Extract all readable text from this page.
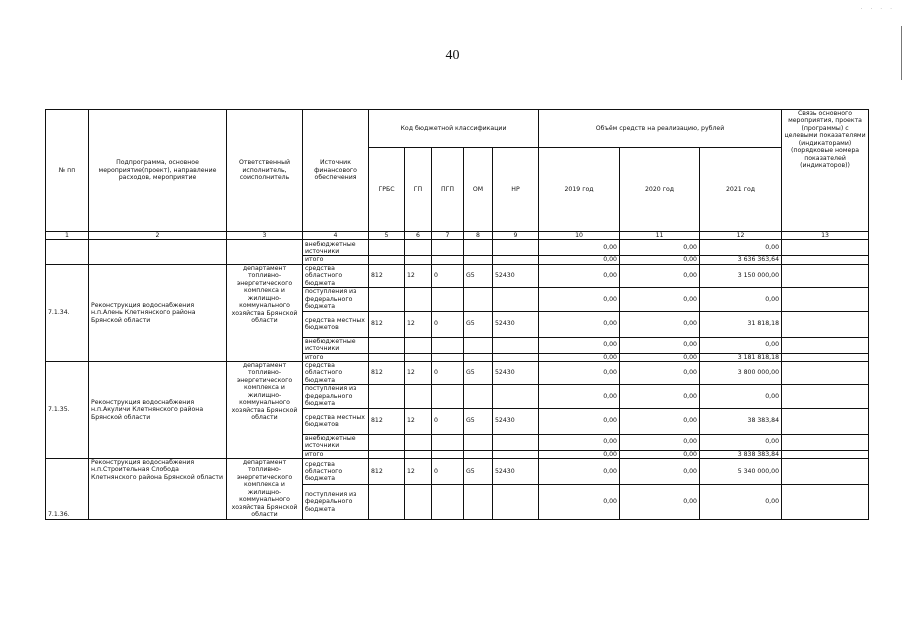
40
· · · ·
№ пп	Подпрограмма, основное мероприятие(проект), направление расходов, мероприятие	Ответственный исполнитель, соисполнитель	Источник финансового обеспечения	Код бюджетной классификации					Объём средств на реализацию, рублей			Связь основного мероприятия, проекта (программы) с целевыми показателями (индикаторами) (порядковые номера показателей (индикаторов))
				ГРБС	ГП	ПГП	ОМ	НР	2019 год	2020 год	2021 год	
1	2	3	4	5	6	7	8	9	10	11	12	13
			внебюджетные источники						0,00	0,00	0,00	
			итого						0,00	0,00	3 636 363,64	
7.1.34.	Реконструкция водоснабжения н.п.Алень Клетнянского района Брянской области	департамент топливно-энергетического комплекса и жилищно-коммунального хозяйства Брянской области	средства областного бюджета	812	12	0	G5	52430	0,00	0,00	3 150 000,00	
			поступления из федерального бюджета						0,00	0,00	0,00	
			средства местных бюджетов	812	12	0	G5	52430	0,00	0,00	31 818,18	
			внебюджетные источники						0,00	0,00	0,00	
			итого						0,00	0,00	3 181 818,18	
7.1.35.	Реконструкция водоснабжения н.п.Акуличи Клетнянского района Брянской области	департамент топливно-энергетического комплекса и жилищно-коммунального хозяйства Брянской области	средства областного бюджета	812	12	0	G5	52430	0,00	0,00	3 800 000,00	
			поступления из федерального бюджета						0,00	0,00	0,00	
			средства местных бюджетов	812	12	0	G5	52430	0,00	0,00	38 383,84	
			внебюджетные источники						0,00	0,00	0,00	
			итого						0,00	0,00	3 838 383,84	
7.1.36.	Реконструкция водоснабжения н.п.Строительная Слобода Клетнянского района Брянской области	департамент топливно-энергетического комплекса и жилищно-коммунального хозяйства Брянской области	средства областного бюджета	812	12	0	G5	52430	0,00	0,00	5 340 000,00	
			поступления из федерального бюджета						0,00	0,00	0,00	
